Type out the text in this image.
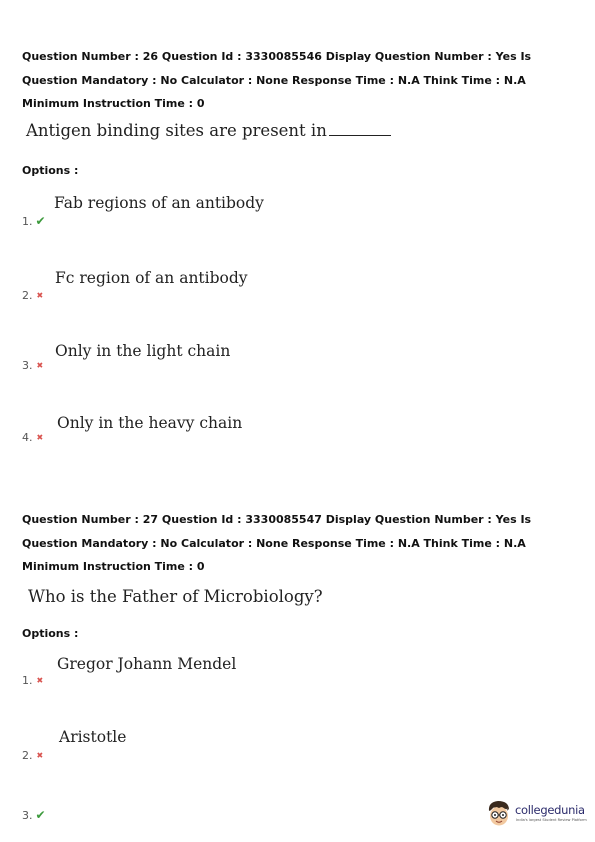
Question Number : 26 Question Id : 3330085546 Display Question Number : Yes Is Question Mandatory : No Calculator : None Response Time : N.A Think Time : N.A Minimum Instruction Time : 0
Antigen binding sites are present in
Options :
Fab regions of an antibody
1. ✔
Fc region of an antibody
2. ✖
Only in the light chain
3. ✖
Only in the heavy chain
4. ✖
Question Number : 27 Question Id : 3330085547 Display Question Number : Yes Is Question Mandatory : No Calculator : None Response Time : N.A Think Time : N.A Minimum Instruction Time : 0
Who is the Father of Microbiology?
Options :
Gregor Johann Mendel
1. ✖
Aristotle
2. ✖
3. ✔	collegedunia
India's largest Student Review Platform
